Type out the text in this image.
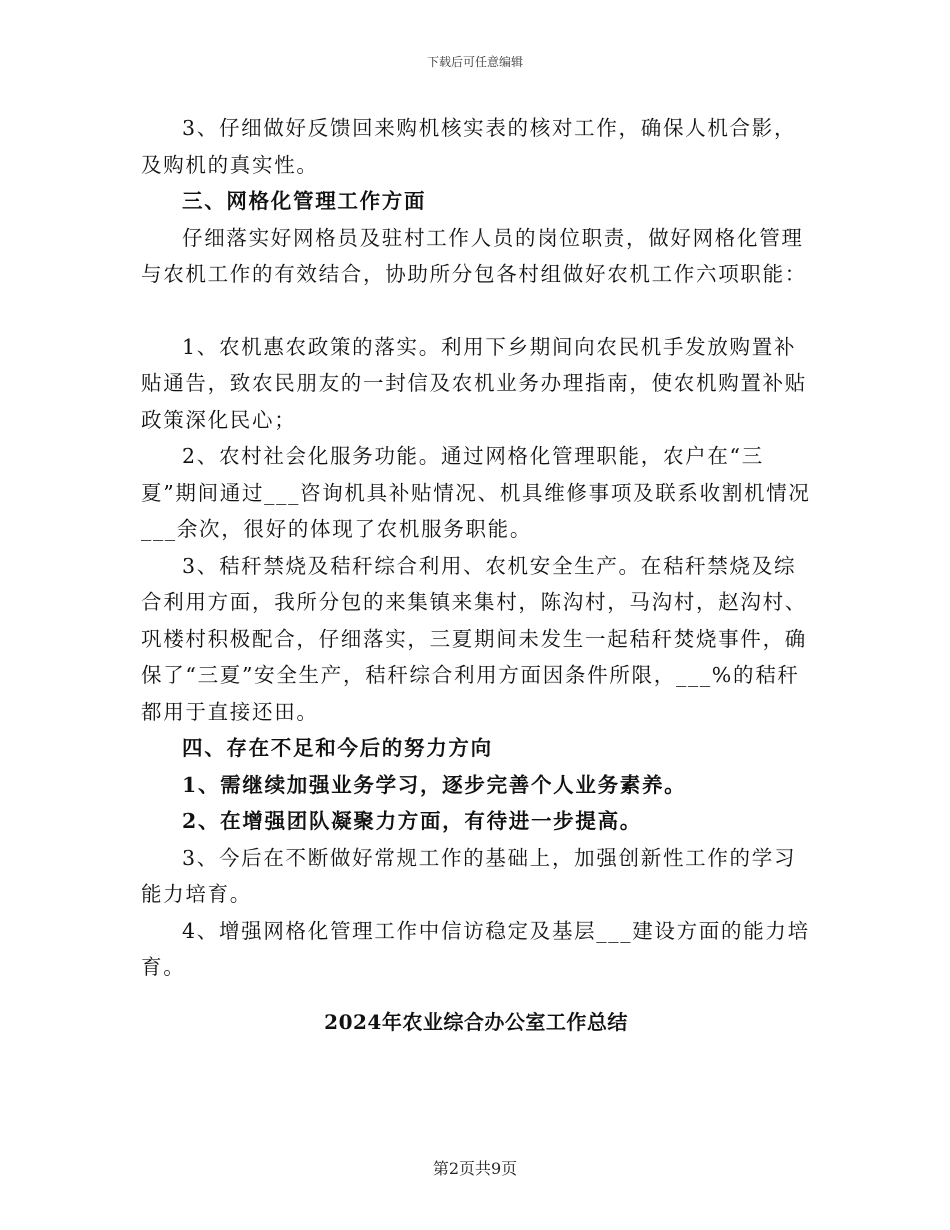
下载后可任意编辑

3、仔细做好反馈回来购机核实表的核对工作，确保人机合影，及购机的真实性。

三、网格化管理工作方面

仔细落实好网格员及驻村工作人员的岗位职责，做好网格化管理与农机工作的有效结合，协助所分包各村组做好农机工作六项职能：

1、农机惠农政策的落实。利用下乡期间向农民机手发放购置补贴通告，致农民朋友的一封信及农机业务办理指南，使农机购置补贴政策深化民心；

2、农村社会化服务功能。通过网格化管理职能，农户在“三夏”期间通过___咨询机具补贴情况、机具维修事项及联系收割机情况___余次，很好的体现了农机服务职能。

3、秸秆禁烧及秸秆综合利用、农机安全生产。在秸秆禁烧及综合利用方面，我所分包的来集镇来集村，陈沟村，马沟村，赵沟村、巩楼村积极配合，仔细落实，三夏期间未发生一起秸秆焚烧事件，确保了“三夏”安全生产，秸秆综合利用方面因条件所限，___%的秸秆都用于直接还田。

四、存在不足和今后的努力方向

1、需继续加强业务学习，逐步完善个人业务素养。

2、在增强团队凝聚力方面，有待进一步提高。

3、今后在不断做好常规工作的基础上，加强创新性工作的学习能力培育。

4、增强网格化管理工作中信访稳定及基层___建设方面的能力培育。

2024年农业综合办公室工作总结

第2页共9页
